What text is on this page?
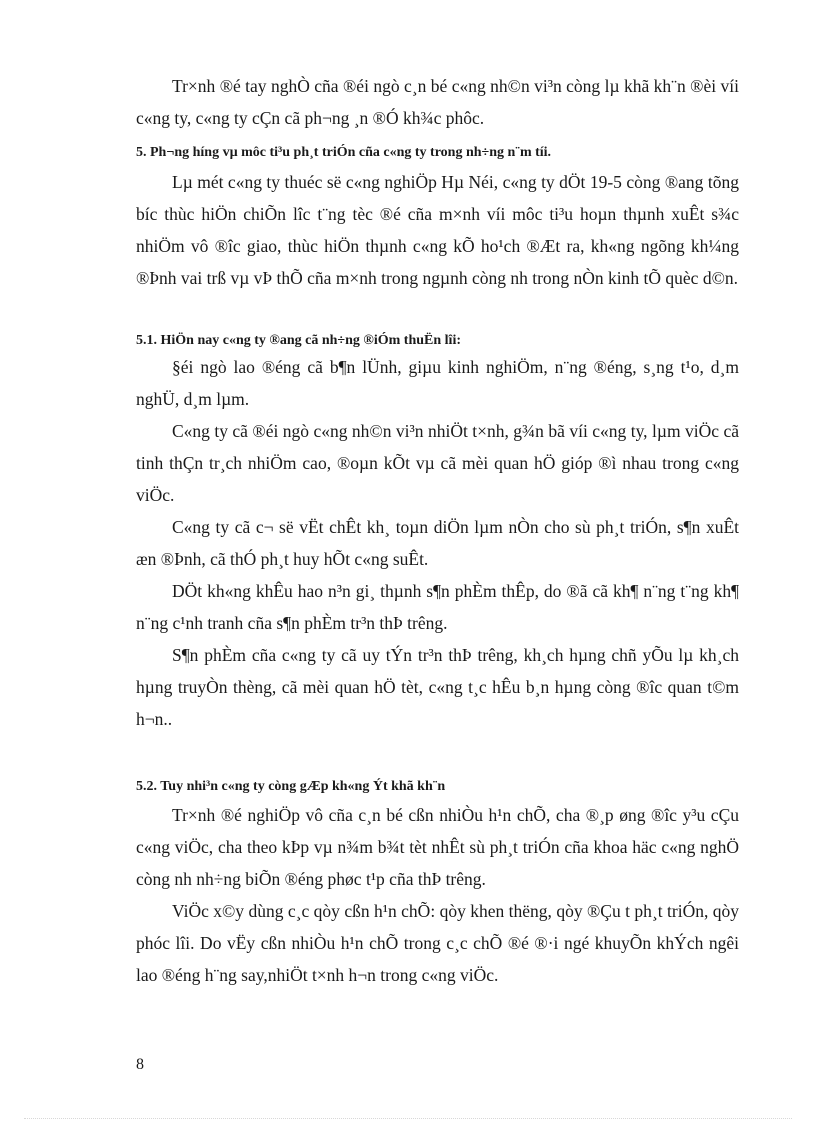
Tr×nh ®é tay nghÒ cña ®éi ngò c¸n bé c«ng nh©n vi³n còng lµ khã kh¨n ®èi víi c«ng ty, c«ng ty cÇn cã ph¬ng ¸n ®Ó kh¾c phôc.

5. Ph¬ng híng vµ môc ti³u ph¸t triÓn cña c«ng ty trong nh÷ng n¨m tíi.

Lµ mét c«ng ty thuéc së c«ng nghiÖp Hµ Néi, c«ng ty dÖt 19-5 còng ®ang tõng bíc thùc hiÖn chiÕn lîc t¨ng tèc ®é cña m×nh víi môc ti³u hoµn thµnh xuÊt s¾c nhiÖm vô ®îc giao, thùc hiÖn thµnh c«ng kÕ ho¹ch ®Æt ra, kh«ng ngõng kh¼ng ®Þnh vai trß vµ vÞ thÕ cña m×nh trong ngµnh còng nh trong nÒn kinh tÕ quèc d©n.

5.1. HiÖn nay c«ng ty ®ang cã nh÷ng ®iÓm thuËn lîi:

§éi ngò lao ®éng cã b¶n lÜnh, giµu kinh nghiÖm, n¨ng ®éng, s¸ng t¹o, d¸m nghÜ, d¸m lµm.

C«ng ty cã ®éi ngò c«ng nh©n vi³n nhiÖt t×nh, g¾n bã víi c«ng ty, lµm viÖc cã tinh thÇn tr¸ch nhiÖm cao, ®oµn kÕt vµ cã mèi quan hÖ gióp ®ì nhau trong c«ng viÖc.

C«ng ty cã c¬ së vËt chÊt kh¸ toµn diÖn lµm nÒn cho sù ph¸t triÓn, s¶n xuÊt æn ®Þnh, cã thÓ ph¸t huy hÕt c«ng suÊt.

DÖt kh«ng khÊu hao n³n gi¸ thµnh s¶n phÈm thÊp, do ®ã cã kh¶ n¨ng t¨ng kh¶ n¨ng c¹nh tranh cña s¶n phÈm tr³n thÞ trêng.

S¶n phÈm cña c«ng ty cã uy tÝn tr³n thÞ trêng, kh¸ch hµng chñ yÕu lµ kh¸ch hµng truyÒn thèng, cã mèi quan hÖ tèt, c«ng t¸c hÊu b¸n hµng còng ®îc quan t©m h¬n..

5.2. Tuy nhi³n c«ng ty còng gÆp kh«ng Ýt khã kh¨n

Tr×nh ®é nghiÖp vô cña c¸n bé cßn nhiÒu h¹n chÕ, cha ®¸p øng ®îc y³u cÇu c«ng viÖc, cha theo kÞp vµ n¾m b¾t tèt nhÊt sù ph¸t triÓn cña khoa häc c«ng nghÖ còng nh nh÷ng biÕn ®éng phøc t¹p cña thÞ trêng.

ViÖc x©y dùng c¸c qòy cßn h¹n chÕ: qòy khen thëng, qòy ®Çu t ph¸t triÓn, qòy phóc lîi. Do vËy cßn nhiÒu h¹n chÕ trong c¸c chÕ ®é ®·i ngé khuyÕn khÝch ngêi lao ®éng h¨ng say,nhiÖt t×nh h¬n trong c«ng viÖc.

8
